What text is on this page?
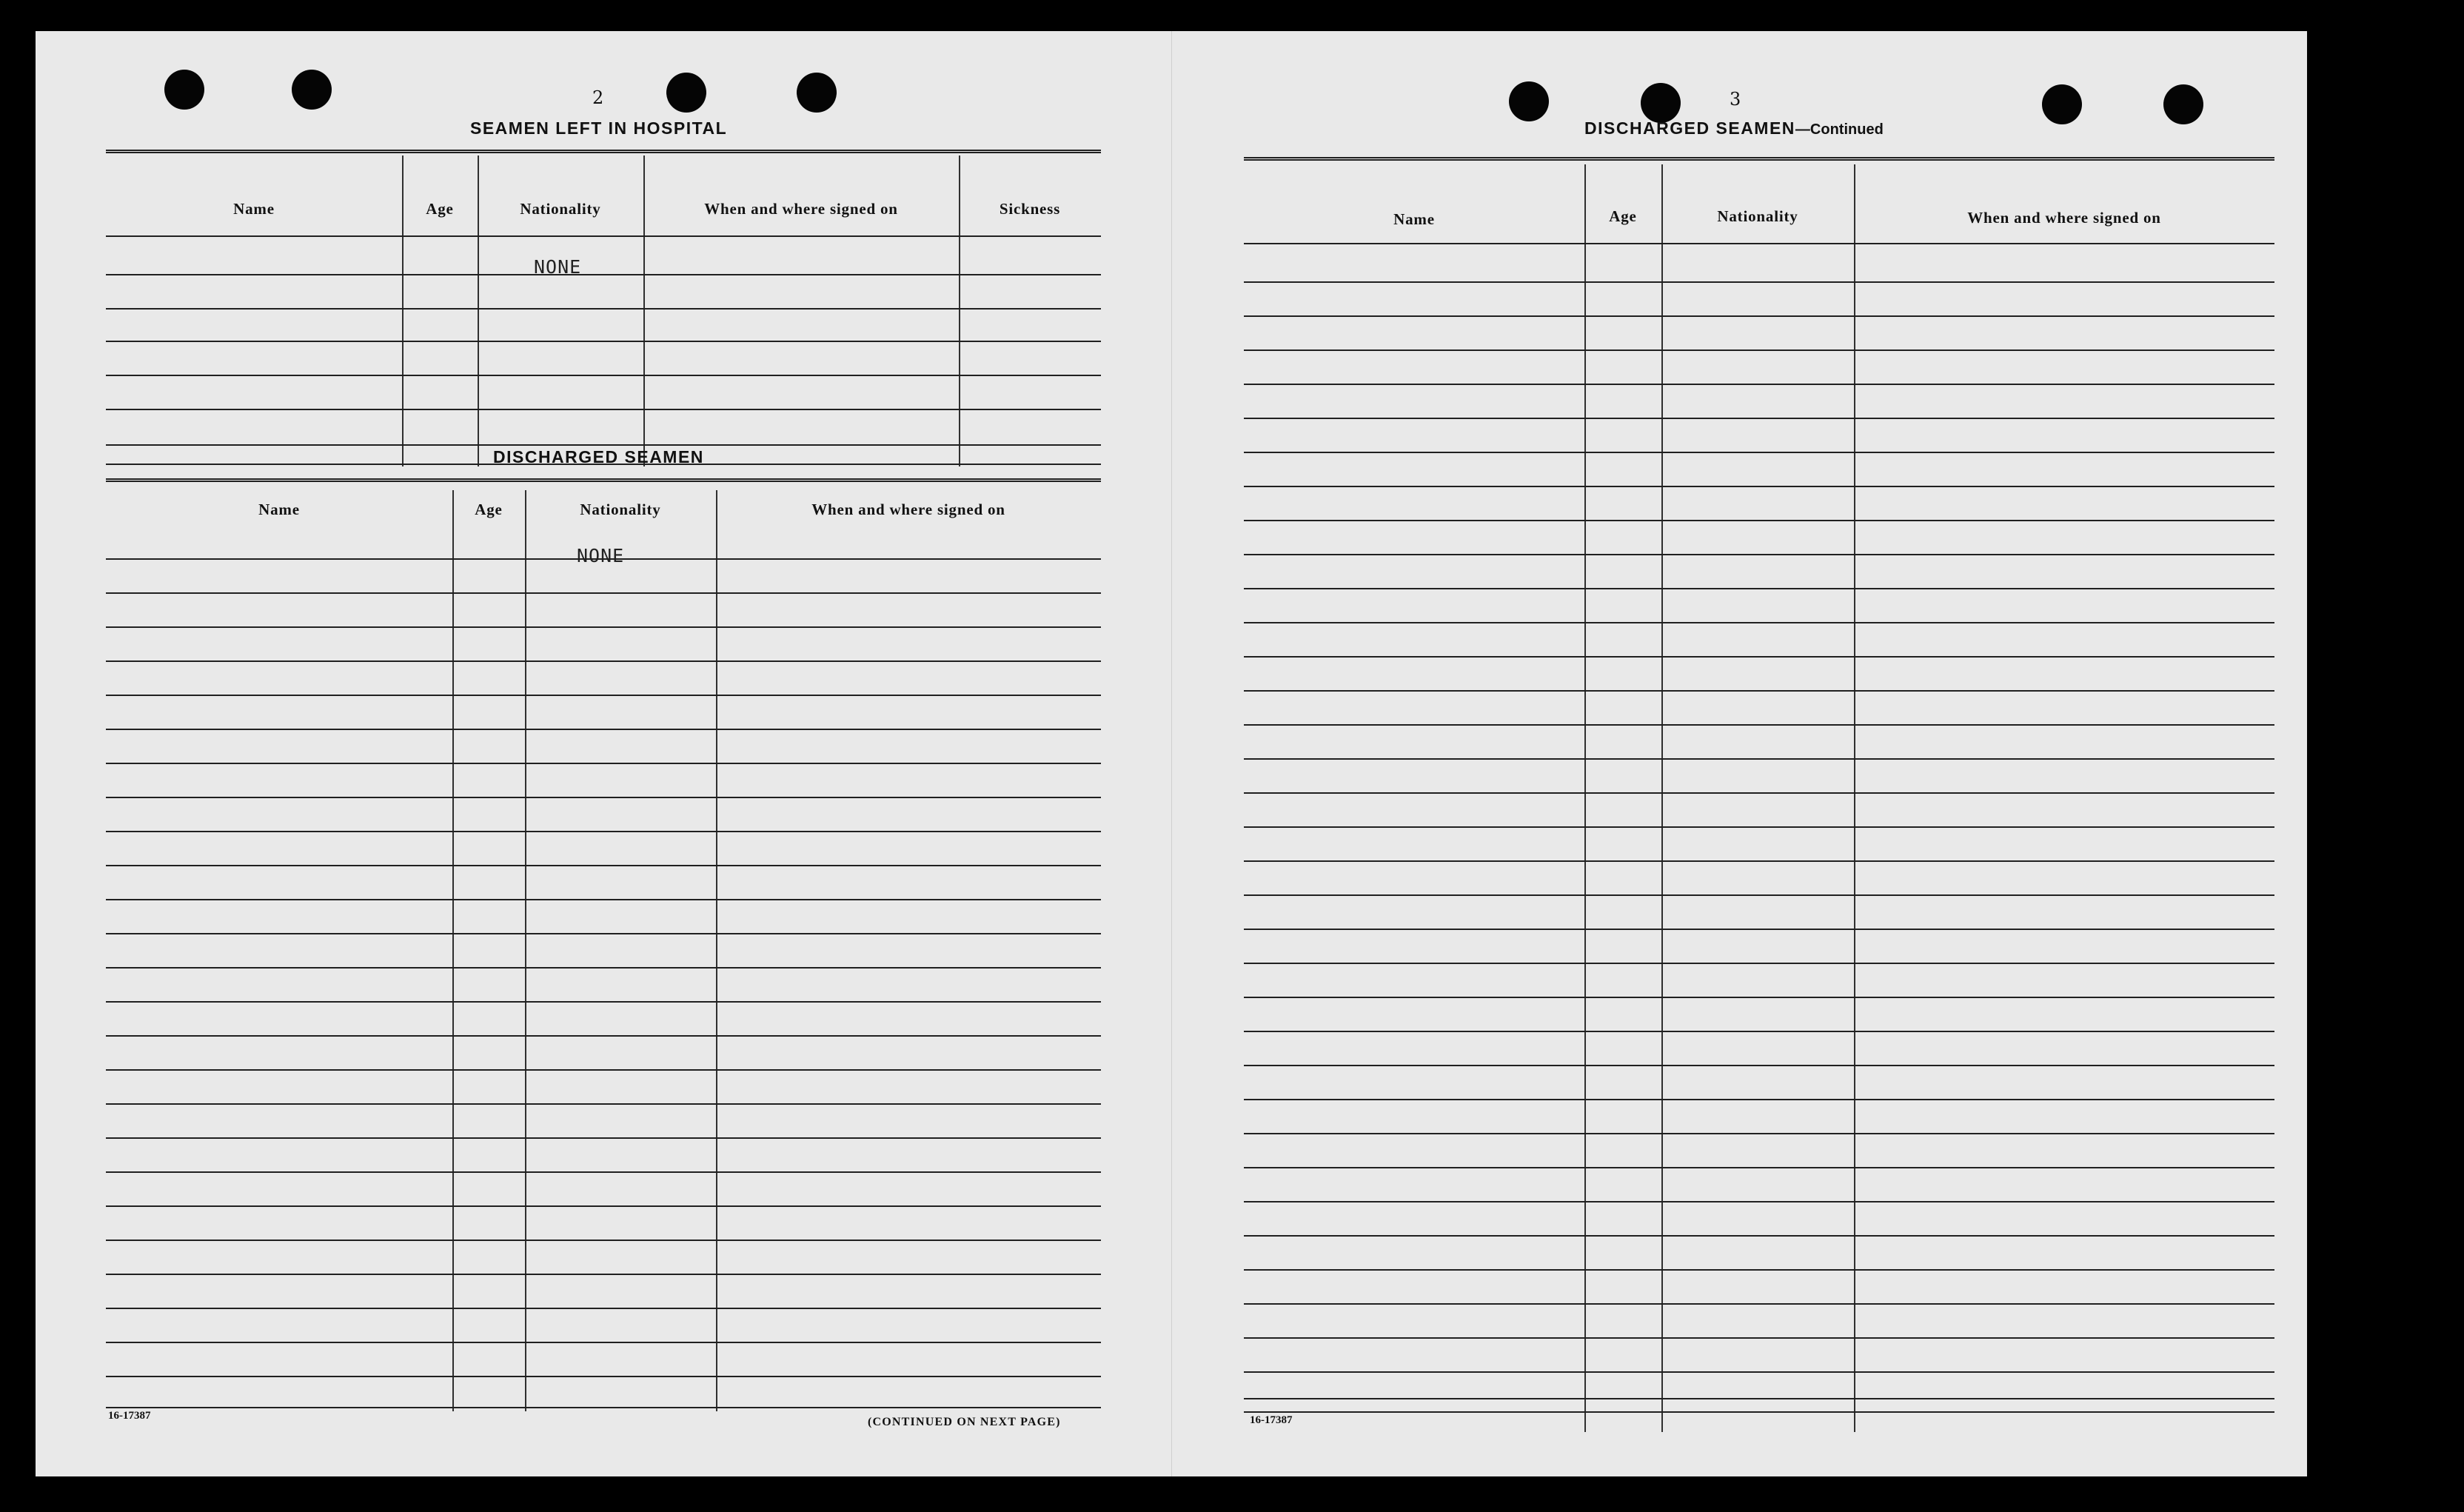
2
SEAMEN LEFT IN HOSPITAL
Name	Age	Nationality	When and where signed on	Sickness
NONE
DISCHARGED SEAMEN
Name	Age	Nationality	When and where signed on
NONE
16-17387	(CONTINUED ON NEXT PAGE)
3
DISCHARGED SEAMEN—Continued
Name	Age	Nationality	When and where signed on
16-17387
